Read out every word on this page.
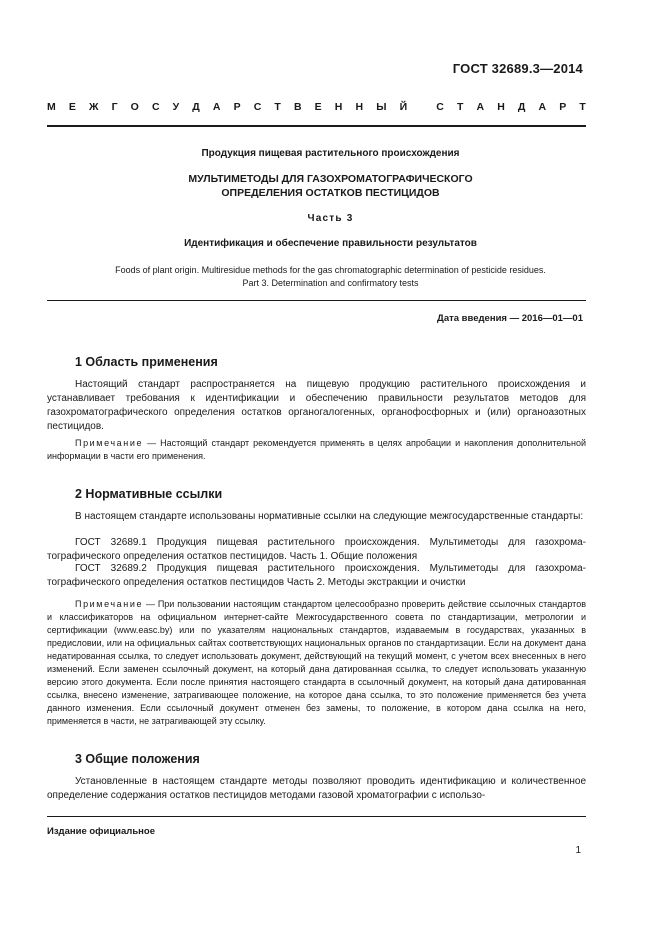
ГОСТ 32689.3—2014
М Е Ж Г О С У Д А Р С Т В Е Н Н Ы Й
	С Т А Н Д А Р Т
Продукция пищевая растительного происхождения
МУЛЬТИМЕТОДЫ ДЛЯ ГАЗОХРОМАТОГРАФИЧЕСКОГО
ОПРЕДЕЛЕНИЯ ОСТАТКОВ ПЕСТИЦИДОВ
Часть 3
Идентификация и обеспечение правильности результатов
Foods of plant origin. Multiresidue methods for the gas chromatographic determination of pesticide residues.
Part 3. Determination and confirmatory tests
Дата введения — 2016—01—01
1 Область применения
Настоящий стандарт распространяется на пищевую продукцию растительного происхождения и устанавливает требования к идентификации и обеспечению правильности результатов методов для газохроматографического определения остатков органогалогенных, органофосфорных и (или) органоазотных пестицидов.
Примечание — Настоящий стандарт рекомендуется применять в целях апробации и накопления дополнительной информации в части его применения.
2 Нормативные ссылки
В настоящем стандарте использованы нормативные ссылки на следующие межгосударственные стандарты:
ГОСТ 32689.1 Продукция пищевая растительного происхождения. Мультиметоды для газохроматографического определения остатков пестицидов. Часть 1. Общие положения
ГОСТ 32689.2 Продукция пищевая растительного происхождения. Мультиметоды для газохроматографического определения остатков пестицидов Часть 2. Методы экстракции и очистки
Примечание — При пользовании настоящим стандартом целесообразно проверить действие ссылочных стандартов и классификаторов на официальном интернет-сайте Межгосударственного совета по стандартизации, метрологии и сертификации (www.easc.by) или по указателям национальных стандартов, издаваемым в государствах, указанных в предисловии, или на официальных сайтах соответствующих национальных органов по стандартизации. Если на документ дана недатированная ссылка, то следует использовать документ, действующий на текущий момент, с учетом всех внесенных в него изменений. Если заменен ссылочный документ, на который дана датированная ссылка, то следует использовать указанную версию этого документа. Если после принятия настоящего стандарта в ссылочный документ, на который дана датированная ссылка, внесено изменение, затрагивающее положение, на которое дана ссылка, то это положение применяется без учета данного изменения. Если ссылочный документ отменен без замены, то положение, в котором дана ссылка на него, применяется в части, не затрагивающей эту ссылку.
3 Общие положения
Установленные в настоящем стандарте методы позволяют проводить идентификацию и количественное определение содержания остатков пестицидов методами газовой хроматографии с использо-
Издание официальное
1
